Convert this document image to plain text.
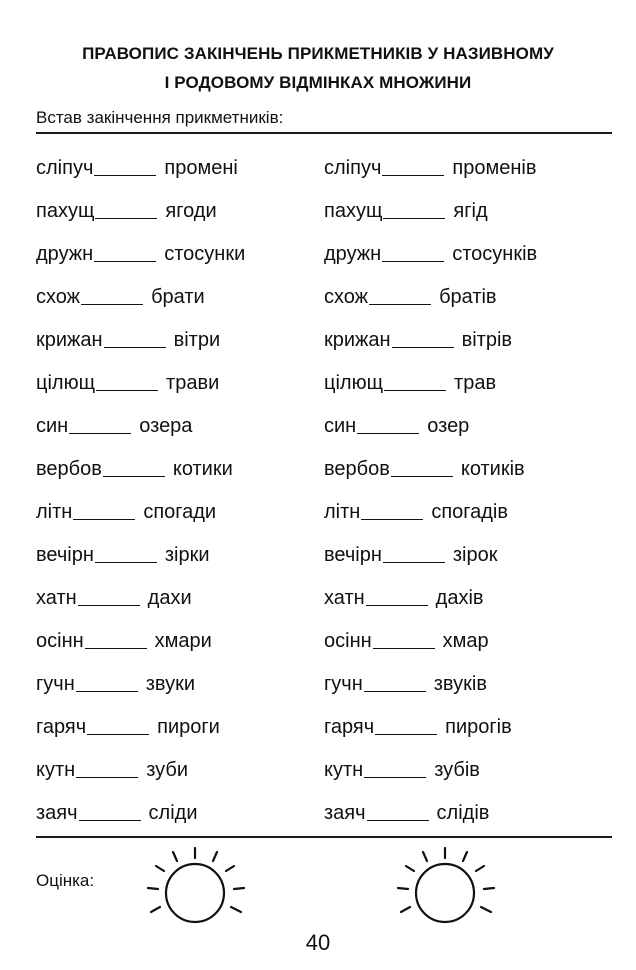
ПРАВОПИС ЗАКІНЧЕНЬ ПРИКМЕТНИКІВ У НАЗИВНОМУ
І РОДОВОМУ ВІДМІНКАХ МНОЖИНИ
Встав закінчення прикметників:
сліпуч	промені
пахущ	ягоди
дружн	стосунки
схож	брати
крижан	вітри
цілющ	трави
син	озера
вербов	котики
літн	спогади
вечірн	зірки
хатн	дахи
осінн	хмари
гучн	звуки
гаряч	пироги
кутн	зуби
заяч	сліди
сліпуч	променів
пахущ	ягід
дружн	стосунків
схож	братів
крижан	вітрів
цілющ	трав
син	озер
вербов	котиків
літн	спогадів
вечірн	зірок
хатн	дахів
осінн	хмар
гучн	звуків
гаряч	пирогів
кутн	зубів
заяч	слідів
Оцінка:
40
